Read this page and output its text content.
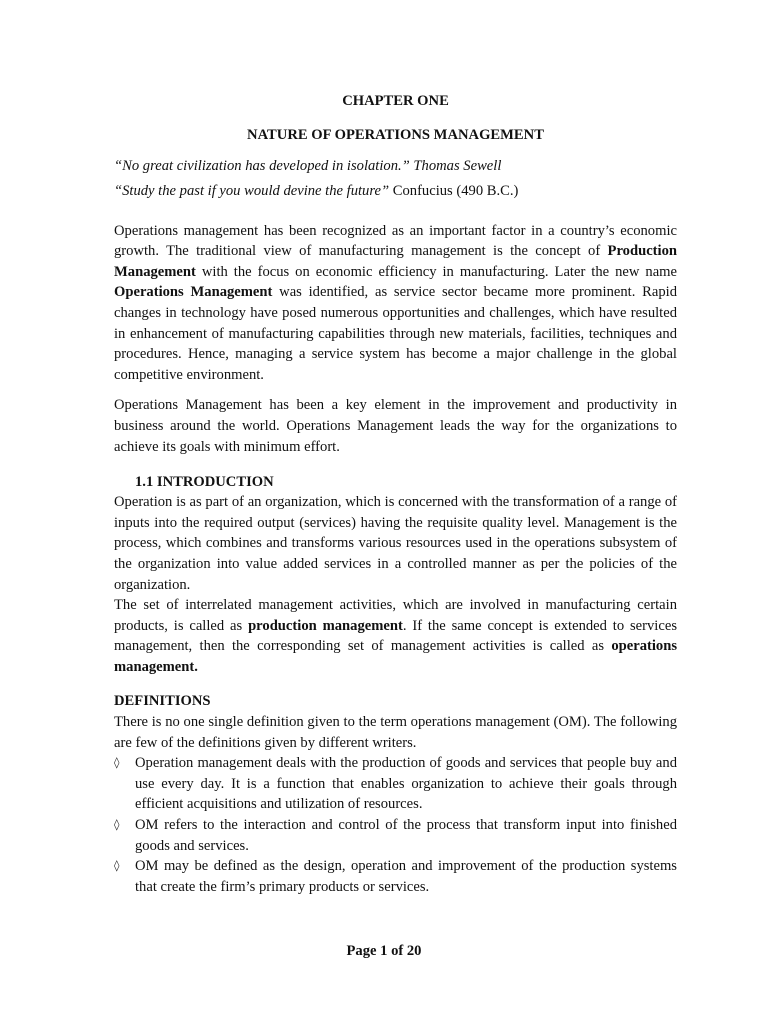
CHAPTER ONE
NATURE OF OPERATIONS MANAGEMENT
“No great civilization has developed in isolation.” Thomas Sewell
“Study the past if you would devine the future” Confucius (490 B.C.)

Operations management has been recognized as an important factor in a country’s economic growth. The traditional view of manufacturing management is the concept of Production Management with the focus on economic efficiency in manufacturing. Later the new name Operations Management was identified, as service sector became more prominent. Rapid changes in technology have posed numerous opportunities and challenges, which have resulted in enhancement of manufacturing capabilities through new materials, facilities, techniques and procedures. Hence, managing a service system has become a major challenge in the global competitive environment.

Operations Management has been a key element in the improvement and productivity in business around the world. Operations Management leads the way for the organizations to achieve its goals with minimum effort.

1.1 INTRODUCTION

Operation is as part of an organization, which is concerned with the transformation of a range of inputs into the required output (services) having the requisite quality level. Management is the process, which combines and transforms various resources used in the operations subsystem of the organization into value added services in a controlled manner as per the policies of the organization.

The set of interrelated management activities, which are involved in manufacturing certain products, is called as production management. If the same concept is extended to services management, then the corresponding set of management activities is called as operations management.

DEFINITIONS

There is no one single definition given to the term operations management (OM). The following are few of the definitions given by different writers.

◊ Operation management deals with the production of goods and services that people buy and use every day. It is a function that enables organization to achieve their goals through efficient acquisitions and utilization of resources.
◊ OM refers to the interaction and control of the process that transform input into finished goods and services.
◊ OM may be defined as the design, operation and improvement of the production systems that create the firm’s primary products or services.
Page 1 of 20
